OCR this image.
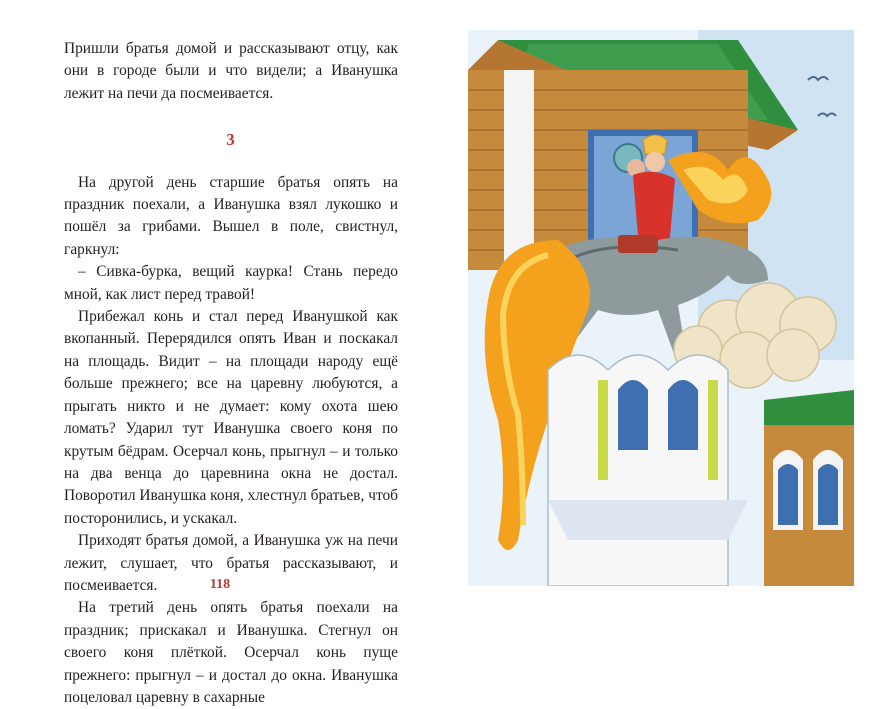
Пришли братья домой и рассказывают отцу, как они в городе были и что видели; а Иванушка лежит на печи да посмеивается.

3

На другой день старшие братья опять на праздник поехали, а Иванушка взял лукошко и пошёл за грибами. Вышел в поле, свистнул, гаркнул:

– Сивка-бурка, вещий каурка! Стань передо мной, как лист перед травой!

Прибежал конь и стал перед Иванушкой как вкопанный. Перерядился опять Иван и поскакал на площадь. Видит – на площади народу ещё больше прежнего; все на царевну любуются, а прыгать никто и не думает: кому охота шею ломать? Ударил тут Иванушка своего коня по крутым бёдрам. Осерчал конь, прыгнул – и только на два венца до царевнина окна не достал. Поворотил Иванушка коня, хлестнул братьев, чтоб посторонились, и ускакал.

Приходят братья домой, а Иванушка уж на печи лежит, слушает, что братья рассказывают, и посмеивается.

На третий день опять братья поехали на праздник; прискакал и Иванушка. Стегнул он своего коня плёткой. Осерчал конь пуще прежнего: прыгнул – и достал до окна. Иванушка поцеловал царевну в сахарные

118
